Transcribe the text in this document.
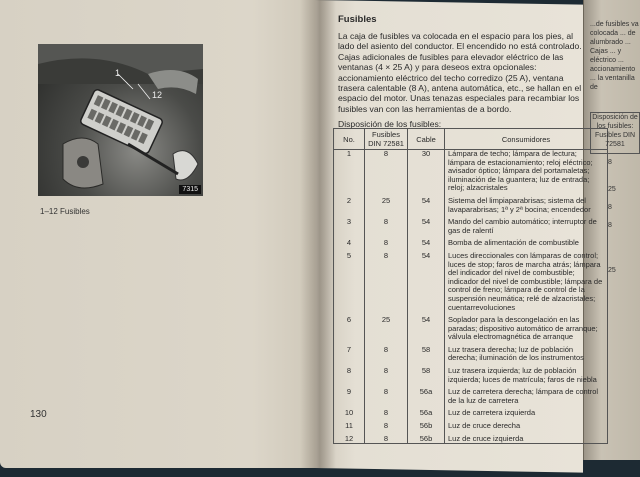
1
12
7315
1–12 Fusibles
130
Fusibles

La caja de fusibles va colocada en el espacio para los pies, al lado del asiento del conductor. El encendido no está controlado. Cajas adicionales de fusibles para elevador eléctrico de las ventanas (4 × 25 A) y para deseos extra opcionales: accionamiento eléctrico del techo corredizo (25 A), ventana trasera calentable (8 A), antena automática, etc., se hallan en el espacio del motor. Unas tenazas especiales para recambiar los fusibles van con las herramientas de a bordo.

Disposición de los fusibles:
No.	Fusibles DIN 72581	Cable	Consumidores
1	8	30	Lámpara de techo; lámpara de lectura; lámpara de estacionamiento; reloj eléctrico; avisador óptico; lámpara del portamaletas; iluminación de la guantera; luz de entrada; reloj; alzacristales

2	25	54	Sistema del limpiaparabrisas; sistema del lavaparabrisas; 1ª y 2ª bocina; encendedor

3	8	54	Mando del cambio automático; interruptor de gas de ralentí

4	8	54	Bomba de alimentación de combustible

5	8	54	Luces direccionales con lámparas de control; luces de stop; faros de marcha atrás; lámpara del indicador del nivel de combustible; indicador del nivel de combustible; lámpara de control de freno; lámpara de control de la suspensión neumática; relé de alzacristales; cuentarrevoluciones

6	25	54	Soplador para la descongelación en las paradas; dispositivo automático de arranque; válvula electromagnética de arranque

7	8	58	Luz trasera derecha; luz de población derecha; iluminación de los instrumentos

8	8	58	Luz trasera izquierda; luz de población izquierda; luces de matrícula; faros de niebla

9	8	56a	Luz de carretera derecha; lámpara de control de la luz de carretera

10	8	56a	Luz de carretera izquierda

11	8	56b	Luz de cruce derecha

12	8	56b	Luz de cruce izquierda
...de fusibles va colocada ... de alumbrado ... Cajas ... y eléctrico ... accionamiento ... la ventanilla de
Disposición de los fusibles: Fusibles DIN 72581
8

25

8

8

25
